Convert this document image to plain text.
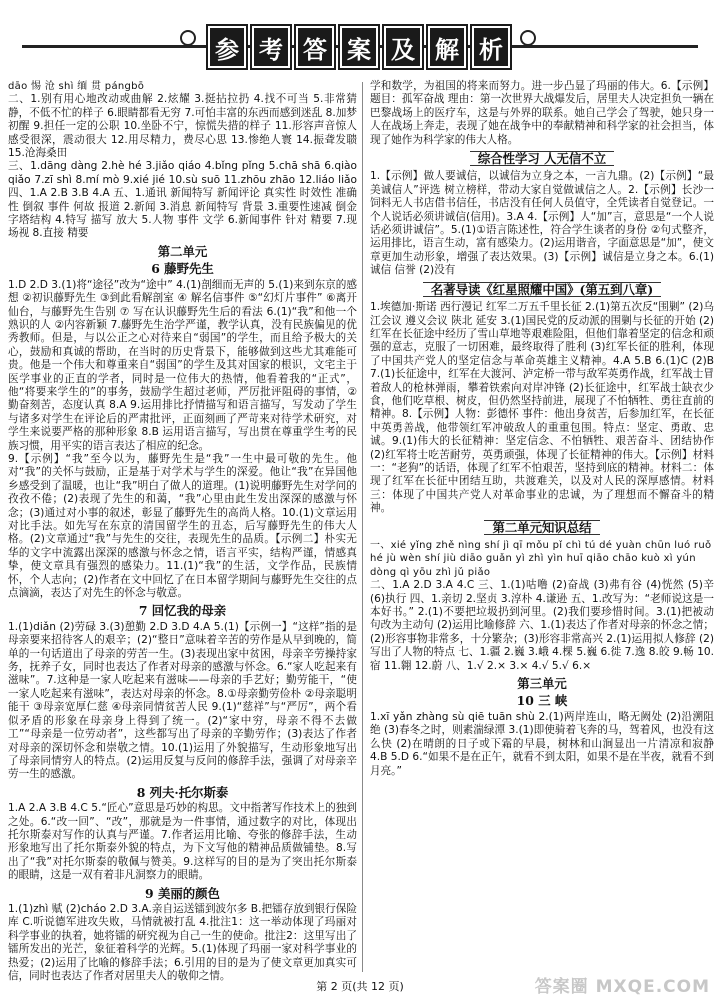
参 考 答 案 及 解 析

dāo 惕 沧 shì 缅 贯 pángbō

二、1.别有用心地改动或曲解 2.炫耀 3.挺拈拉扔 4.找不可当 5.非常猜静，不低不忙的样子 6.眼睛都看无穷 7.可怕丰富的东西而感到迷乱 8.加梦初醒 9.担任一定的公职 10.坐卧不宁，惊慌失措的样子 11.形容声音惊人感受很深，震动很大 12.用尽精力，费尽心思 13.惨绝人寰 14.振聋发聩 15.沧海桑田

三、1.dāng dàng 2.hè hé 3.jiǎo qiáo 4.bǐng pǐng 5.chā shā 6.qiào qiǎo 7.zī shì 8.mí mò 9.xié jié 10.sù suō 11.zhōu zhāo 12.liáo liǎo 四、1.A 2.B 3.B 4.A 五、1.通讯 新闻特写 新闻评论 真实性 时效性 准确性 倒叙 事件 何故 报道 2.新闻 3.消息 新闻特写 背景 3.重要性速减 倒金字塔结构 4.特写 描写 放大 5.人物 事件 文学 6.新闻事件 针对 精要 7.现场视 8.直接 精要

第二单元
6 藤野先生

1.D 2.D 3.(1)将“途径”改为“途中” 4.(1)剖细而无声的 5.(1)来到东京的感想 ②初识藤野先生 ③到此看解剖室 ④ 解名信事件 ⑤“幻灯片事件” ⑥离开仙台，与藤野先生告别 ⑦ 写在认识藤野先生后的看法 6.(1)“我”和他一个熟识的人 ②内容新颖 7.藤野先生治学严谨，教学认真，没有民族偏见的优秀教师。但是，与以公正之心对待来自“弱国”的学生，而且给予极大的关心，鼓励和真诚的帮助，在当时的历史背景下，能够做到这些尤其难能可贵。他是一个伟大和尊重来自“弱国”的学生及其对国家的根识，文宅主于医学事业的正直的学者，同时是一位伟大的热情，他看着我的“正式”，他“将要来学生的”的事务，鼓励学生超过老师，严厉批评阻碍的事情，② 勤奋刻苦，态度认真 8.A 9.运用排比抒情描写和语言描写，写发动了学生与诸多对学生在评论后的严肃批评，正面刻画了严苛来对待学术研究，对学生来说要严格的那种形象 8.B 运用语言描写，写出贯在尊重学生考的民族习惯，用平实的语言表达了相应的纪念。

9.【示例】“我”至今以为，藤野先生是“我”一生中最可敬的先生。他对“我”的关怀与鼓励，正是基于对学术与学生的深爱。他让“我”在异国他乡感受到了温暖，也让“我”明白了做人的道理。(1)说明藤野先生对学问的孜孜不倦；(2)表现了先生的和蔼，“我”心里由此生发出深深的感激与怀念；(3)通过对小事的叙述，彰显了藤野先生的高尚人格。10.(1)文章运用对比手法。如先写在东京的清国留学生的丑态，后写藤野先生的伟大人格。(2)文章通过“我”与先生的交往，表现先生的品质。【示例二】朴实无华的文字中流露出深深的感激与怀念之情，语言平实，结构严谨，情感真挚，使文章具有强烈的感染力。11.(1)“我”的生活，文学作品，民族情怀，个人志向；(2)作者在文中回忆了在日本留学期间与藤野先生交往的点点滴滴，表达了对先生的怀念与敬意。

7 回忆我的母亲

1.(1)diǎn (2)劳碌 3.(3)憩勤 2.D 3.D 4.A 5.(1)【示例一】“这样”指的是母亲要来招待客人的艰辛；(2)“整日”意味着辛苦的劳作是从早到晚的，简单的一句话道出了母亲的劳苦一生。(3)表现出家中贫困，母亲辛劳操持家务，抚养子女，同时也表达了作者对母亲的感激与怀念。6.“家人吃起来有滋味”。7.这种是一家人吃起来有滋味——母亲的手艺好；勤劳能干，“使一家人吃起来有滋味”，表达对母亲的怀念。8.①母亲勤劳俭朴 ②母亲聪明能干 ③母亲宽厚仁慈 ④母亲同情贫苦人民 9.(1)“慈祥”与“严厉”，两个看似矛盾的形象在母亲身上得到了统一。(2)“家中穷，母亲不得不去做工”“母亲是一位劳动者”，这些都写出了母亲的辛勤劳作；(3)表达了作者对母亲的深切怀念和崇敬之情。10.(1)运用了外貌描写，生动形象地写出了母亲同情穷人的特点。(2)运用反复与反问的修辞手法，强调了对母亲辛劳一生的感激。

8 列夫·托尔斯泰

1.A 2.A 3.B 4.C 5.“匠心”意思是巧妙的构思。文中指著写作技术上的独到之处。6.“改一回”、“改”，那就是为一件事情，通过数字的对比，体现出托尔斯泰对写作的认真与严谨。7.作者运用比喻、夸张的修辞手法，生动形象地写出了托尔斯泰外貌的特点，为下文写他的精神品质做铺垫。8.写出了“我”对托尔斯泰的敬佩与赞美。9.这样写的目的是为了突出托尔斯泰的眼睛，这是一双有着非凡洞察力的眼睛。

9 美丽的颜色

1.(1)zhì 赋 (2)cháo 2.D 3.A.亲自运送镭到波尔多 B.把镭存放到银行保险库 C.听说德军进攻失败，马情就被打乱 4.批注1：这一举动体现了玛丽对科学事业的执着，她将镭的研究视为自己一生的使命。批注2：这里写出了镭所发出的光芒，象征着科学的光辉。5.(1)体现了玛丽一家对科学事业的热爱；(2)运用了比喻的修辞手法；6.引用的目的是为了使文章更加真实可信，同时也表达了作者对居里夫人的敬仰之情。

学和数学，为祖国的将来而努力。进一步凸显了玛丽的伟大。6.【示例】题目：孤军奋战 理由：第一次世界大战爆发后，居里夫人决定担负一辆在巴黎战场上的医疗车，这是与外界的联系。她自己学会了驾驶，她只身一人在战场上奔走，表现了她在战争中的奉献精神和科学家的社会担当，体现了她作为科学家的伟大人格。

综合性学习 人无信不立

1.【示例】做人要诚信，以诚信为立身之本，一言九鼎。(2)【示例】“最美诚信人”评选 树立榜样，带动大家自觉做诚信之人。2.【示例】长沙一饲料无人书店借书信任，书店没有任何人员值守，全凭读者自觉登记。一个人说话必须讲诚信(信用)。3.A 4.【示例】人“加”言，意思是“一个人说话必须讲诚信”。5.(1)①语言陈述性，符合学生谈者的身份 ②句式整齐，运用排比，语言生动，富有感染力。(2)运用谐音，字面意思是“加”，使文章更加生动形象，增强了表达效果。(3)【示例】诚信是立身之本。6.(1)诚信 信誉 (2)没有

名著导读《红星照耀中国》(第五到八章)

1.埃德加·斯诺 西行漫记 红军二万五千里长征 2.(1)第五次反“围剿” (2)乌江会议 遵义会议 陕北 延安 3.(1)国民党的反动派的围剿与长征的开始 (2)红军在长征途中经历了雪山草地等艰难险阻，但他们靠着坚定的信念和顽强的意志，克服了一切困难，最终取得了胜利 (3)红军长征的胜利，体现了中国共产党人的坚定信念与革命英雄主义精神。4.A 5.B 6.(1)C (2)B 7.(1)长征途中，红军在大渡河、泸定桥一带与敌军英勇作战，红军战士冒着敌人的枪林弹雨，攀着铁索向对岸冲锋 (2)长征途中，红军战士缺衣少食，他们吃草根、树皮，但仍然坚持前进，展现了不怕牺牲、勇往直前的精神。8.【示例】人物：彭德怀 事件：他出身贫苦，后参加红军，在长征中英勇善战，他带领红军冲破敌人的重重包围。特点：坚定、勇敢、忠诚。9.(1)伟大的长征精神：坚定信念、不怕牺牲、艰苦奋斗、团结协作 (2)红军将士吃苦耐劳，英勇顽强，体现了长征精神的伟大。【示例】材料一：“老狗”的话语，体现了红军不怕艰苦，坚持到底的精神。材料二：体现了红军在长征中团结互助，共渡难关，以及对人民的深厚感情。材料三：体现了中国共产党人对革命事业的忠诚，为了理想而不懈奋斗的精神。

第二单元知识总结

一、xié yǐng zhě nìng shí jì qī mǒu pǐ chì tú dé yuàn chūn luó ruǒ hé jù wèn shí jiù diāo guǎn yì zhì yìn huī qiāo chāo kuò xì yún dòng qì yōu zhì jǔ piǎo

二、1.A 2.D 3.A 4.C 三、1.(1)咕噜 (2)奋战 (3)弗有谷 (4)恍然 (5)辛 (6)执行 四、1.亲切 2.坚贞 3.淳朴 4.谦逊 五、1.改写为：“老师说这是一本好书。” 2.(1)不要把垃圾扔到河里。(2)我们要珍惜时间。3.(1)把被动句改为主动句 (2)运用比喻修辞 六、1.(1)表达了作者对母亲的怀念之情；(2)形容事物非常多，十分繁杂；(3)形容非常高兴 2.(1)运用拟人修辞 (2)写出了人物的特点 七、1.疆 2.巍 3.峨 4.棵 5.巍 6.徙 7.逸 8.皎 9.畅 10.宿 11.翱 12.蔚 八、1.√ 2.× 3.× 4.√ 5.√ 6.×

第三单元
10 三 峡

1.xī yǎn zhàng sù qiē tuān shù 2.(1)两岸连山，略无阙处 (2)沿溯阻绝 (3)春冬之时，则素湍绿潭 3.(1)即使骑着飞奔的马，驾着风，也没有这么快 (2)在晴朗的日子或下霜的早晨，树林和山涧显出一片清凉和寂静 4.B 5.D 6.“如果不是在正午，就看不到太阳，如果不是在半夜，就看不到月亮。”

第 2 页(共 12 页)	答案圈 MXQE.COM
